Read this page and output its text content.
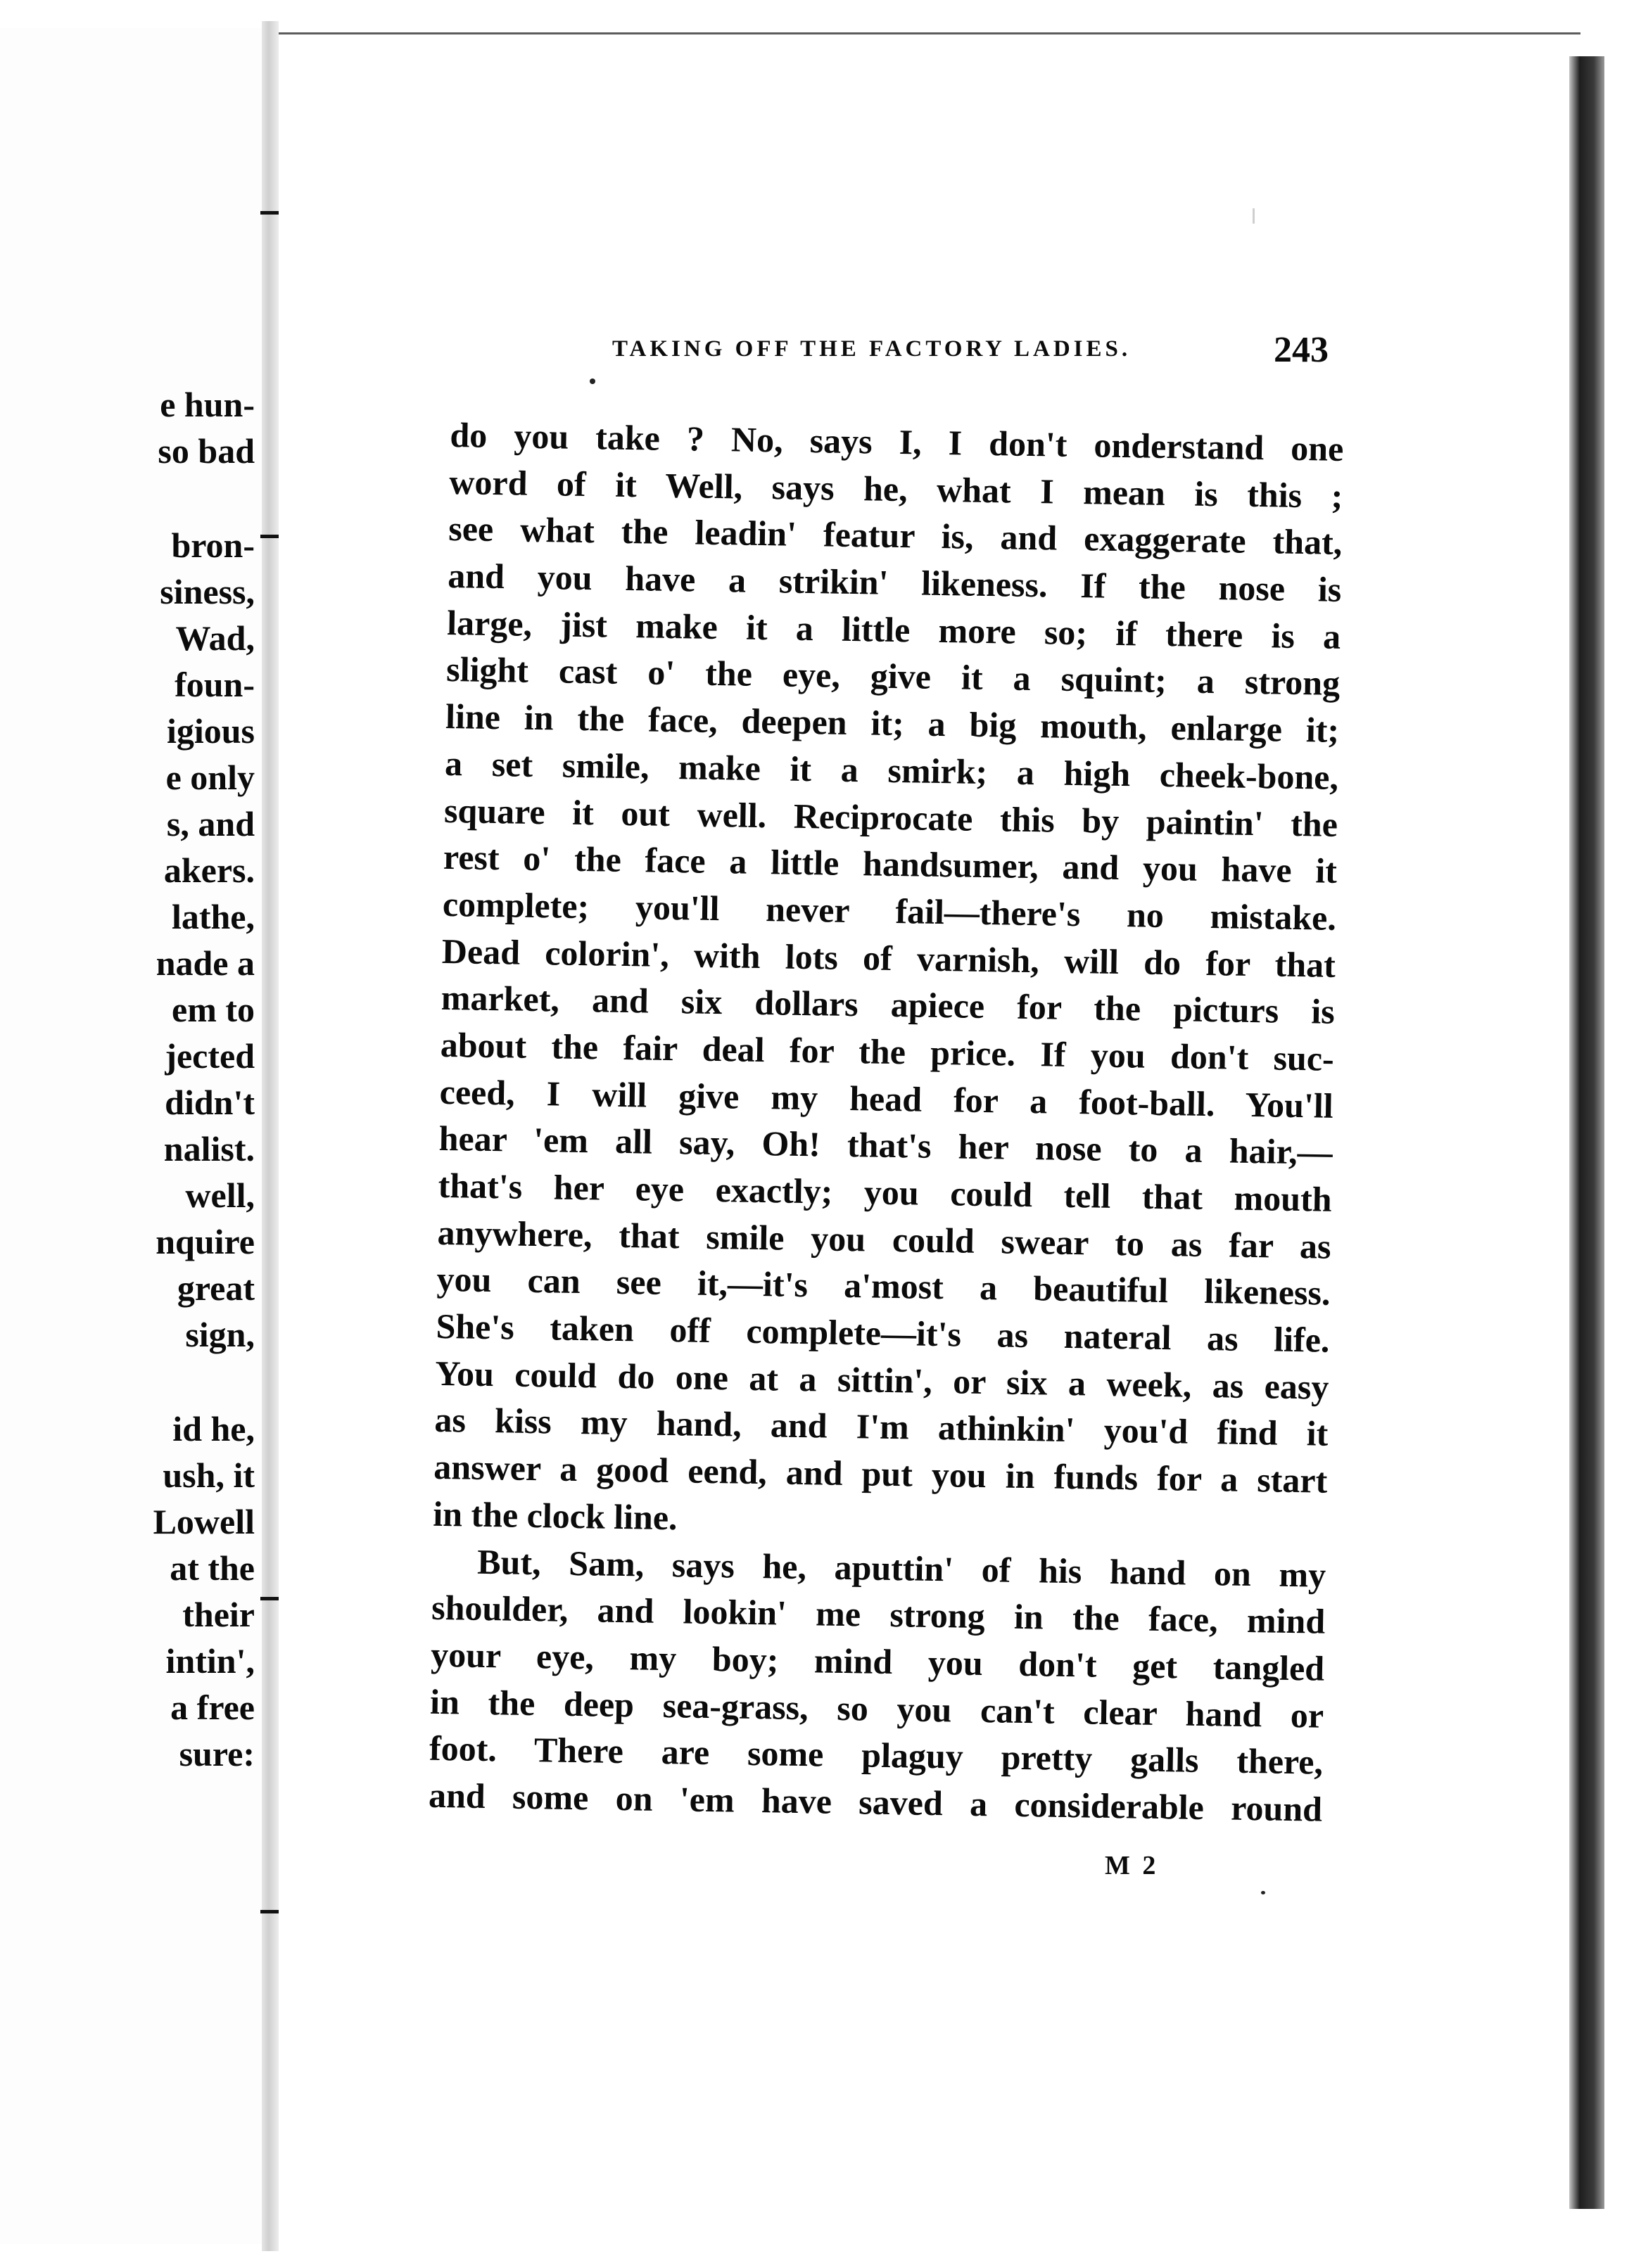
e hun-
so bad
bron-
siness,
Wad,
foun-
igious
e only
s, and
akers.
lathe,
nade a
em to
jected
didn't
nalist.
well,
nquire
great
sign,
id he,
ush, it
Lowell
at the
their
intin',
a free
sure:
TAKING OFF THE FACTORY LADIES.	243
do you take ? No, says I, I don't onderstand one
word of it Well, says he, what I mean is this ;
see what the leadin' featur is, and exaggerate that,
and you have a strikin' likeness. If the nose is
large, jist make it a little more so; if there is a
slight cast o' the eye, give it a squint; a strong
line in the face, deepen it; a big mouth, enlarge it;
a set smile, make it a smirk; a high cheek-bone,
square it out well. Reciprocate this by paintin' the
rest o' the face a little handsumer, and you have it
complete; you'll never fail—there's no mistake.
Dead colorin', with lots of varnish, will do for that
market, and six dollars apiece for the picturs is
about the fair deal for the price. If you don't suc-
ceed, I will give my head for a foot-ball. You'll
hear 'em all say, Oh! that's her nose to a hair,—
that's her eye exactly; you could tell that mouth
anywhere, that smile you could swear to as far as
you can see it,—it's a'most a beautiful likeness.
She's taken off complete—it's as nateral as life.
You could do one at a sittin', or six a week, as easy
as kiss my hand, and I'm athinkin' you'd find it
answer a good eend, and put you in funds for a start
in the clock line.
But, Sam, says he, aputtin' of his hand on my
shoulder, and lookin' me strong in the face, mind
your eye, my boy; mind you don't get tangled
in the deep sea-grass, so you can't clear hand or
foot. There are some plaguy pretty galls there,
and some on 'em have saved a considerable round
M 2
